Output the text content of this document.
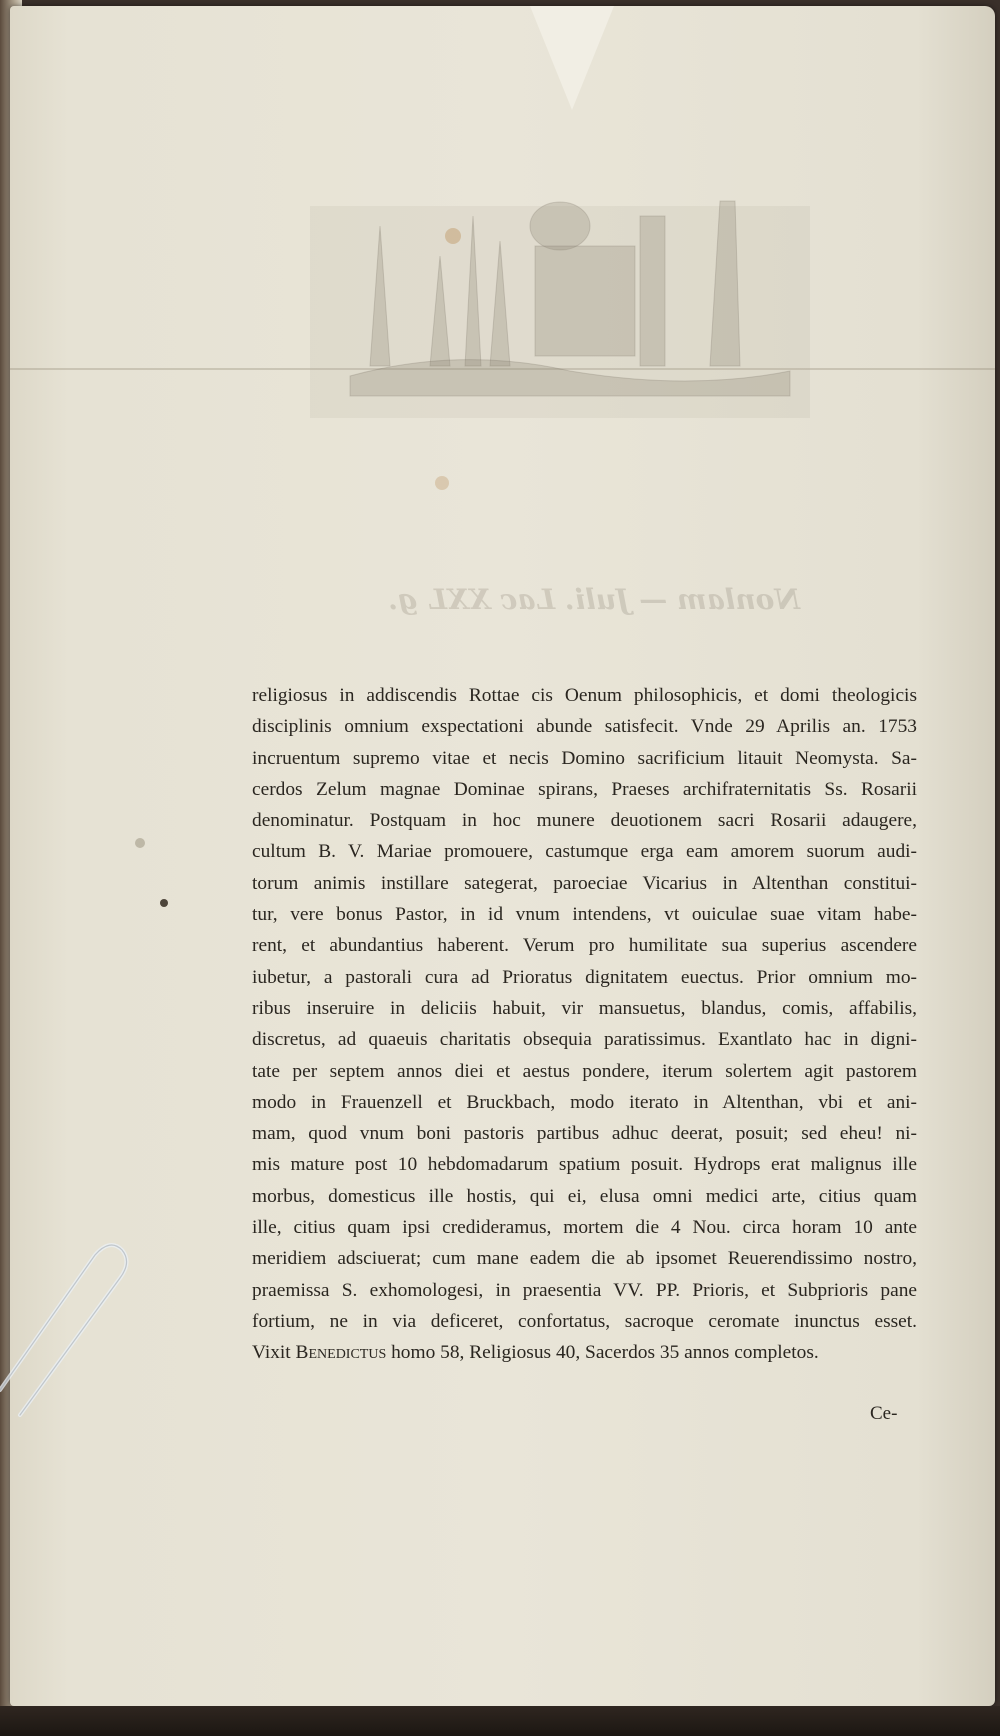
Nonlam — Juli. Lac XXL g.
religiosus in addiscendis Rottae cis Oenum philosophicis, et domi theologicis
disciplinis omnium exspectationi abunde satisfecit. Vnde 29 Aprilis an. 1753
incruentum supremo vitae et necis Domino sacrificium litauit Neomysta. Sa-
cerdos Zelum magnae Dominae spirans, Praeses archifraternitatis Ss. Rosarii
denominatur. Postquam in hoc munere deuotionem sacri Rosarii adaugere,
cultum B. V. Mariae promouere, castumque erga eam amorem suorum audi-
torum animis instillare sategerat, paroeciae Vicarius in Altenthan constitui-
tur, vere bonus Pastor, in id vnum intendens, vt ouiculae suae vitam habe-
rent, et abundantius haberent. Verum pro humilitate sua superius ascendere
iubetur, a pastorali cura ad Prioratus dignitatem euectus. Prior omnium mo-
ribus inseruire in deliciis habuit, vir mansuetus, blandus, comis, affabilis,
discretus, ad quaeuis charitatis obsequia paratissimus. Exantlato hac in digni-
tate per septem annos diei et aestus pondere, iterum solertem agit pastorem
modo in Frauenzell et Bruckbach, modo iterato in Altenthan, vbi et ani-
mam, quod vnum boni pastoris partibus adhuc deerat, posuit; sed eheu! ni-
mis mature post 10 hebdomadarum spatium posuit. Hydrops erat malignus ille
morbus, domesticus ille hostis, qui ei, elusa omni medici arte, citius quam
ille, citius quam ipsi credideramus, mortem die 4 Nou. circa horam 10 ante
meridiem adsciuerat; cum mane eadem die ab ipsomet Reuerendissimo nostro,
praemissa S. exhomologesi, in praesentia VV. PP. Prioris, et Subprioris pane
fortium, ne in via deficeret, confortatus, sacroque ceromate inunctus esset.
Vixit Benedictus homo 58, Religiosus 40, Sacerdos 35 annos completos.
Ce-
